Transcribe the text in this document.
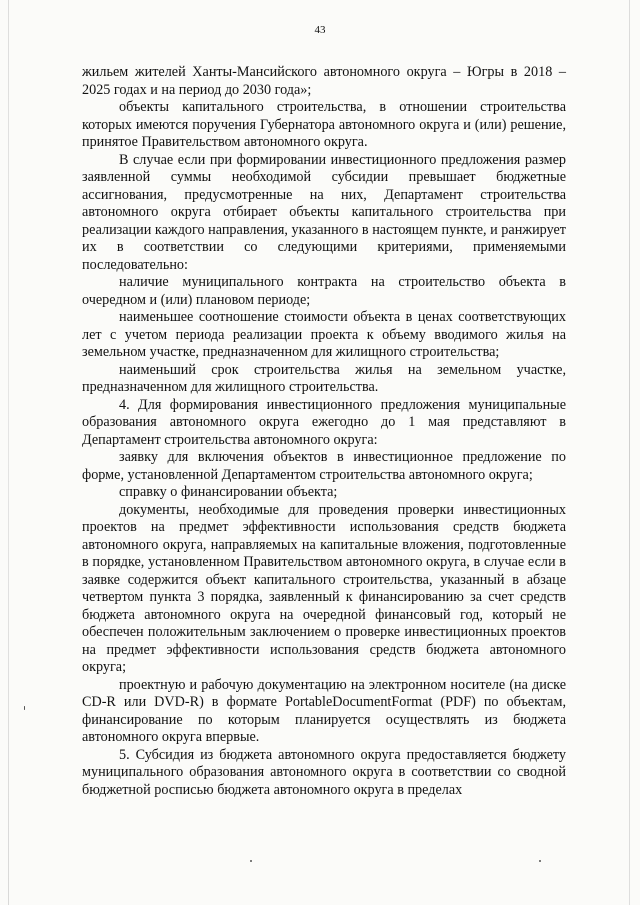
43

жильем жителей Ханты-Мансийского автономного округа – Югры в 2018 – 2025 годах и на период до 2030 года»;

объекты капитального строительства, в отношении строительства которых имеются поручения Губернатора автономного округа и (или) решение, принятое Правительством автономного округа.

В случае если при формировании инвестиционного предложения размер заявленной суммы необходимой субсидии превышает бюджетные ассигнования, предусмотренные на них, Департамент строительства автономного округа отбирает объекты капитального строительства при реализации каждого направления, указанного в настоящем пункте, и ранжирует их в соответствии со следующими критериями, применяемыми последовательно:

наличие муниципального контракта на строительство объекта в очередном и (или) плановом периоде;

наименьшее соотношение стоимости объекта в ценах соответствующих лет с учетом периода реализации проекта к объему вводимого жилья на земельном участке, предназначенном для жилищного строительства;

наименьший срок строительства жилья на земельном участке, предназначенном для жилищного строительства.

4. Для формирования инвестиционного предложения муниципальные образования автономного округа ежегодно до 1 мая представляют в Департамент строительства автономного округа:

заявку для включения объектов в инвестиционное предложение по форме, установленной Департаментом строительства автономного округа;

справку о финансировании объекта;

документы, необходимые для проведения проверки инвестиционных проектов на предмет эффективности использования средств бюджета автономного округа, направляемых на капитальные вложения, подготовленные в порядке, установленном Правительством автономного округа, в случае если в заявке содержится объект капитального строительства, указанный в абзаце четвертом пункта 3 порядка, заявленный к финансированию за счет средств бюджета автономного округа на очередной финансовый год, который не обеспечен положительным заключением о проверке инвестиционных проектов на предмет эффективности использования средств бюджета автономного округа;

проектную и рабочую документацию на электронном носителе (на диске CD-R или DVD-R) в формате PortableDocumentFormat (PDF) по объектам, финансирование по которым планируется осуществлять из бюджета автономного округа впервые.

5. Субсидия из бюджета автономного округа предоставляется бюджету муниципального образования автономного округа в соответствии со сводной бюджетной росписью бюджета автономного округа в пределах
